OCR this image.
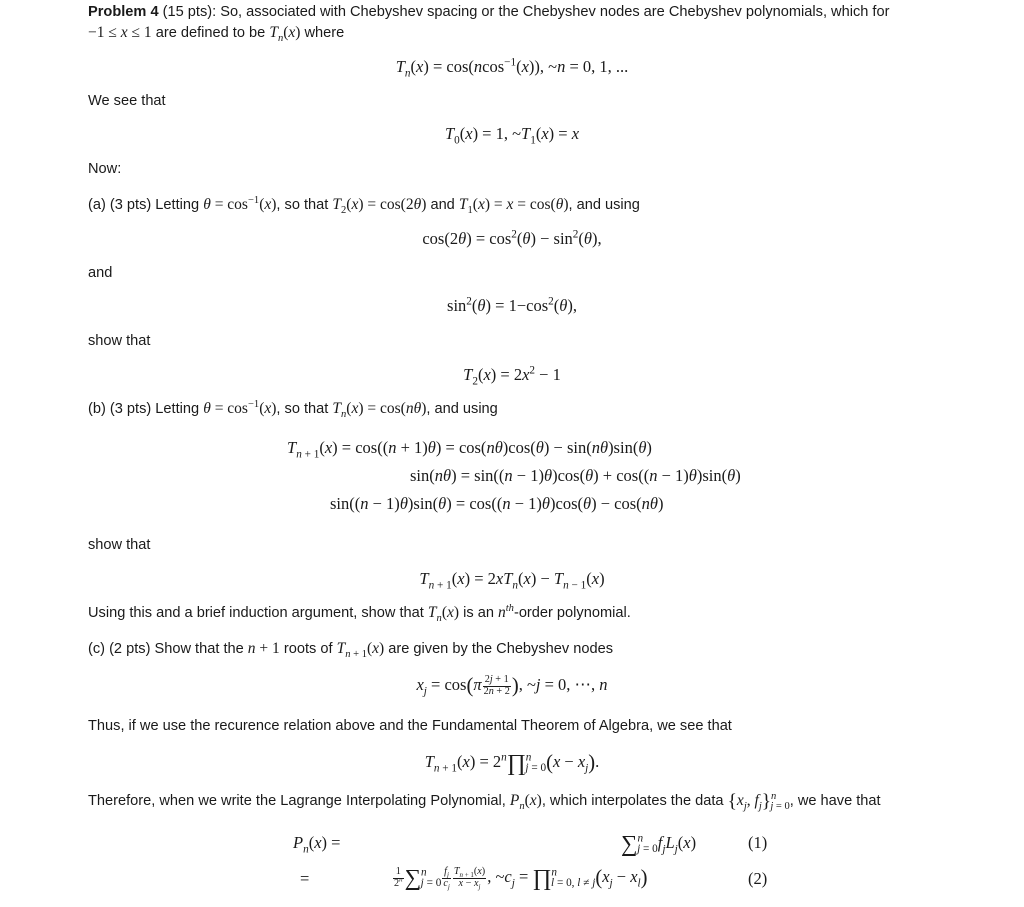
Problem 4 (15 pts): So, associated with Chebyshev spacing or the Chebyshev nodes are Chebyshev polynomials, which for
−1 ≤ x ≤ 1 are defined to be $T_n(x)$ where
$T_n(x) = \cos(ncos^{-1}(x))$, ~n = 0, 1, ...
We see that
$T_0(x) = 1$, $\sim T_1(x) = x$
Now:
(a) (3 pts) Letting $\theta = \cos^{-1}(x)$, so that $T_2(x) = \cos(2\theta)$ and $T_1(x) = x = \cos(\theta)$, and using
$\cos(2\theta) = \cos^2(\theta) - \sin^2(\theta)$,
and
$\sin^2(\theta) = 1-\cos^2(\theta)$,
show that
$T_2(x) = 2x^2 - 1$
(b) (3 pts) Letting $\theta = \cos^{-1}(x)$, so that $T_n(x) = \cos(n\theta)$, and using
$T_{n + 1}(x) = \cos((n + 1)\theta) = \cos(n\theta)\cos(\theta) - \sin(n\theta)\sin(\theta)$
sin(nθ) = sin((n − 1)θ)cos(θ) + cos((n − 1)θ)sin(θ)
sin((n − 1)θ)sin(θ) = cos((n − 1)θ)cos(θ) − cos(nθ)
show that
$T_{n + 1}(x) = 2xT_n(x) - T_{n - 1}(x)$
Using this and a brief induction argument, show that $T_n(x)$ is an $n^{th}$-order polynomial.
(c) (2 pts) Show that the n + 1 roots of $T_{n + 1}(x)$ are given by the Chebyshev nodes
$x_j = \cos(\pi \frac{2j + 1}{2n + 2}$ ), ~j = 0, ⋯, n
Thus, if we use the recurence relation above and the Fundamental Theorem of Algebra, we see that
$T_{n + 1}(x)$ = $2^n\prod^n_{j = 0}(x - x_j)$.
Therefore, when we write the Lagrange Interpolating Polynomial, $P_n(x)$, which interpolates the data {$x_j$, $f_j\}^n_{j = 0}$, we have that
$P_n(x)$ =	$\sum^n_{j = 0}f_jL_j(x)$	(1)
=	$\frac{1}{2^n} \sum^n_{j = 0} \frac{f_j}{c_j} \frac{T_{n + 1}(x)}{x - x_j}$ , $\sim c_j$ = $\prod^n_{l = 0, l \ne j}(x_j - x_l)$	(2)
